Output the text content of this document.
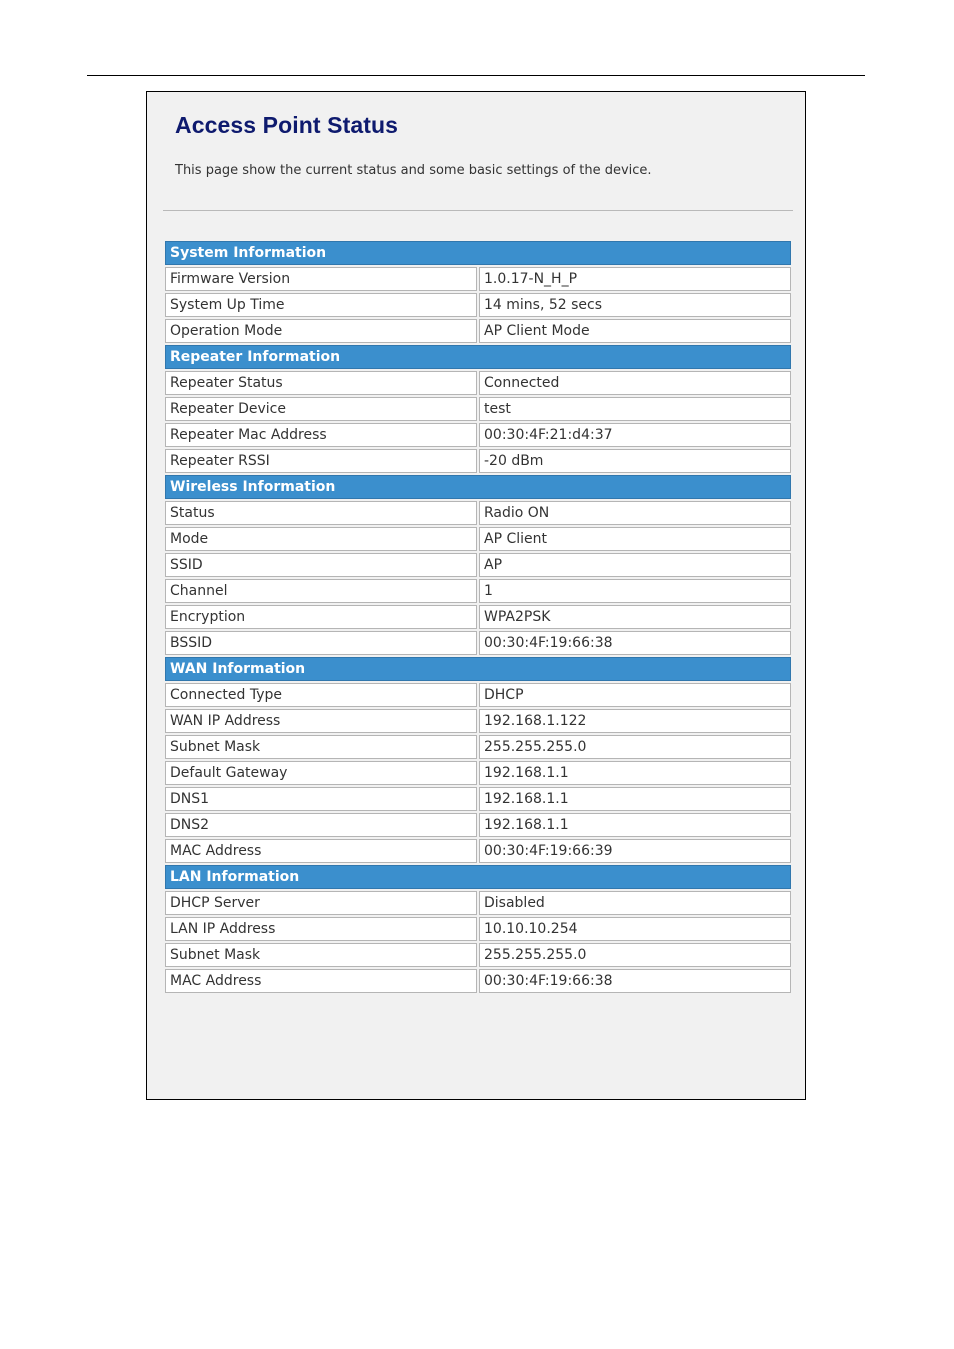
Access Point Status

This page show the current status and some basic settings of the device.

System Information	
Firmware Version	1.0.17-N_H_P
System Up Time	14 mins, 52 secs
Operation Mode	AP Client Mode
Repeater Information	
Repeater Status	Connected
Repeater Device	test
Repeater Mac Address	00:30:4F:21:d4:37
Repeater RSSI	-20 dBm
Wireless Information	
Status	Radio ON
Mode	AP Client
SSID	AP
Channel	1
Encryption	WPA2PSK
BSSID	00:30:4F:19:66:38
WAN Information	
Connected Type	DHCP
WAN IP Address	192.168.1.122
Subnet Mask	255.255.255.0
Default Gateway	192.168.1.1
DNS1	192.168.1.1
DNS2	192.168.1.1
MAC Address	00:30:4F:19:66:39
LAN Information	
DHCP Server	Disabled
LAN IP Address	10.10.10.254
Subnet Mask	255.255.255.0
MAC Address	00:30:4F:19:66:38
